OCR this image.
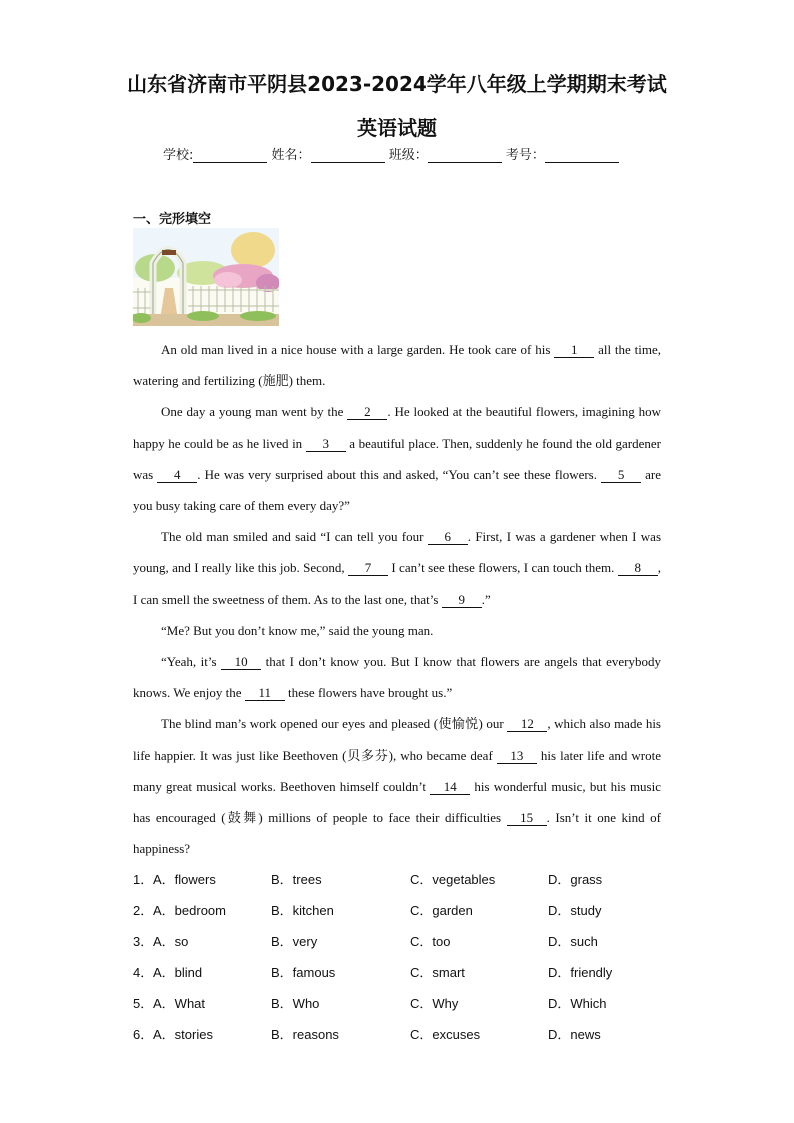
山东省济南市平阴县2023-2024学年八年级上学期期末考试
英语试题
学校:	姓名：	班级：	考号：
一、完形填空

An old man lived in a nice house with a large garden. He took care of his 1 all the time, watering and fertilizing (施肥) them.

One day a young man went by the 2 . He looked at the beautiful flowers, imagining how happy he could be as he lived in 3 a beautiful place. Then, suddenly he found the old gardener was 4 . He was very surprised about this and asked, “You can’t see these flowers. 5 are you busy taking care of them every day?”

The old man smiled and said “I can tell you four 6 . First, I was a gardener when I was young, and I really like this job. Second, 7 I can’t see these flowers, I can touch them. 8 , I can smell the sweetness of them. As to the last one, that’s 9 .”

“Me? But you don’t know me,” said the young man.

“Yeah, it’s 10 that I don’t know you. But I know that flowers are angels that everybody knows. We enjoy the 11 these flowers have brought us.”

The blind man’s work opened our eyes and pleased (使愉悦) our 12 , which also made his life happier. It was just like Beethoven (贝多芬), who became deaf 13 his later life and wrote many great musical works. Beethoven himself couldn’t 14 his wonderful music, but his music has encouraged (鼓舞) millions of people to face their difficulties 15 . Isn’t it one kind of happiness?

1． A．flowers	B．trees	C．vegetables	D．grass
2． A．bedroom	B．kitchen	C．garden	D．study
3． A．so	B．very	C．too	D．such
4． A．blind	B．famous	C．smart	D．friendly
5． A．What	B．Who	C．Why	D．Which
6． A．stories	B．reasons	C．excuses	D．news
